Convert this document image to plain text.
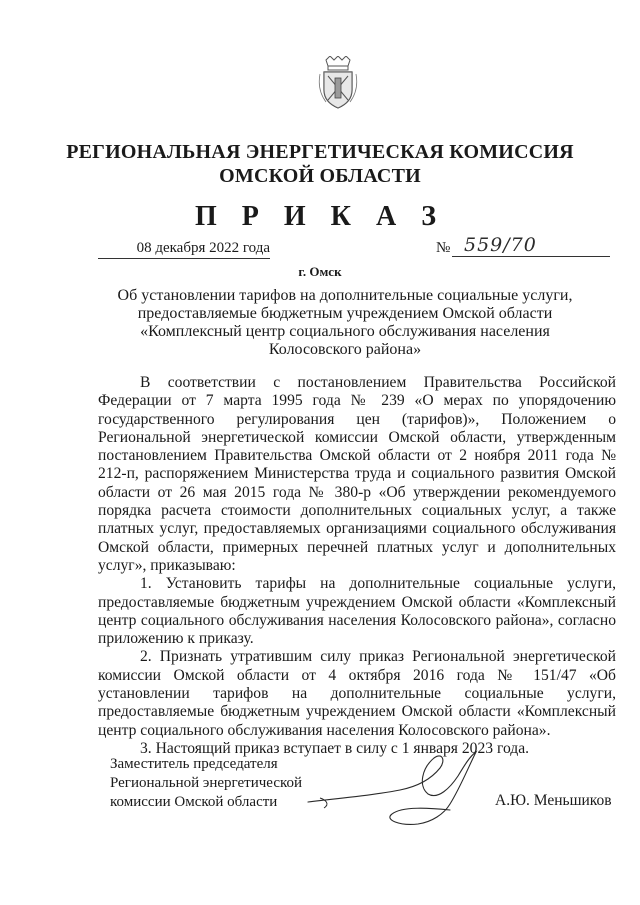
РЕГИОНАЛЬНАЯ ЭНЕРГЕТИЧЕСКАЯ КОМИССИЯ
ОМСКОЙ ОБЛАСТИ
П Р И К А З
08 декабря 2022 года	№ 559/70
г. Омск
Об установлении тарифов на дополнительные социальные услуги,
предоставляемые бюджетным учреждением Омской области
«Комплексный центр социального обслуживания населения
Колосовского района»

В соответствии с постановлением Правительства Российской Федерации от 7 марта 1995 года № 239 «О мерах по упорядочению государственного регулирования цен (тарифов)», Положением о Региональной энергетической комиссии Омской области, утвержденным постановлением Правительства Омской области от 2 ноября 2011 года № 212-п, распоряжением Министерства труда и социального развития Омской области от 26 мая 2015 года № 380-р «Об утверждении рекомендуемого порядка расчета стоимости дополнительных социальных услуг, а также платных услуг, предоставляемых организациями социального обслуживания Омской области, примерных перечней платных услуг и дополнительных услуг», приказываю:

1. Установить тарифы на дополнительные социальные услуги, предоставляемые бюджетным учреждением Омской области «Комплексный центр социального обслуживания населения Колосовского района», согласно приложению к приказу.

2. Признать утратившим силу приказ Региональной энергетической комиссии Омской области от 4 октября 2016 года № 151/47 «Об установлении тарифов на дополнительные социальные услуги, предоставляемые бюджетным учреждением Омской области «Комплексный центр социального обслуживания населения Колосовского района».

3. Настоящий приказ вступает в силу с 1 января 2023 года.

Заместитель председателя
Региональной энергетической
комиссии Омской области	А.Ю. Меньшиков
